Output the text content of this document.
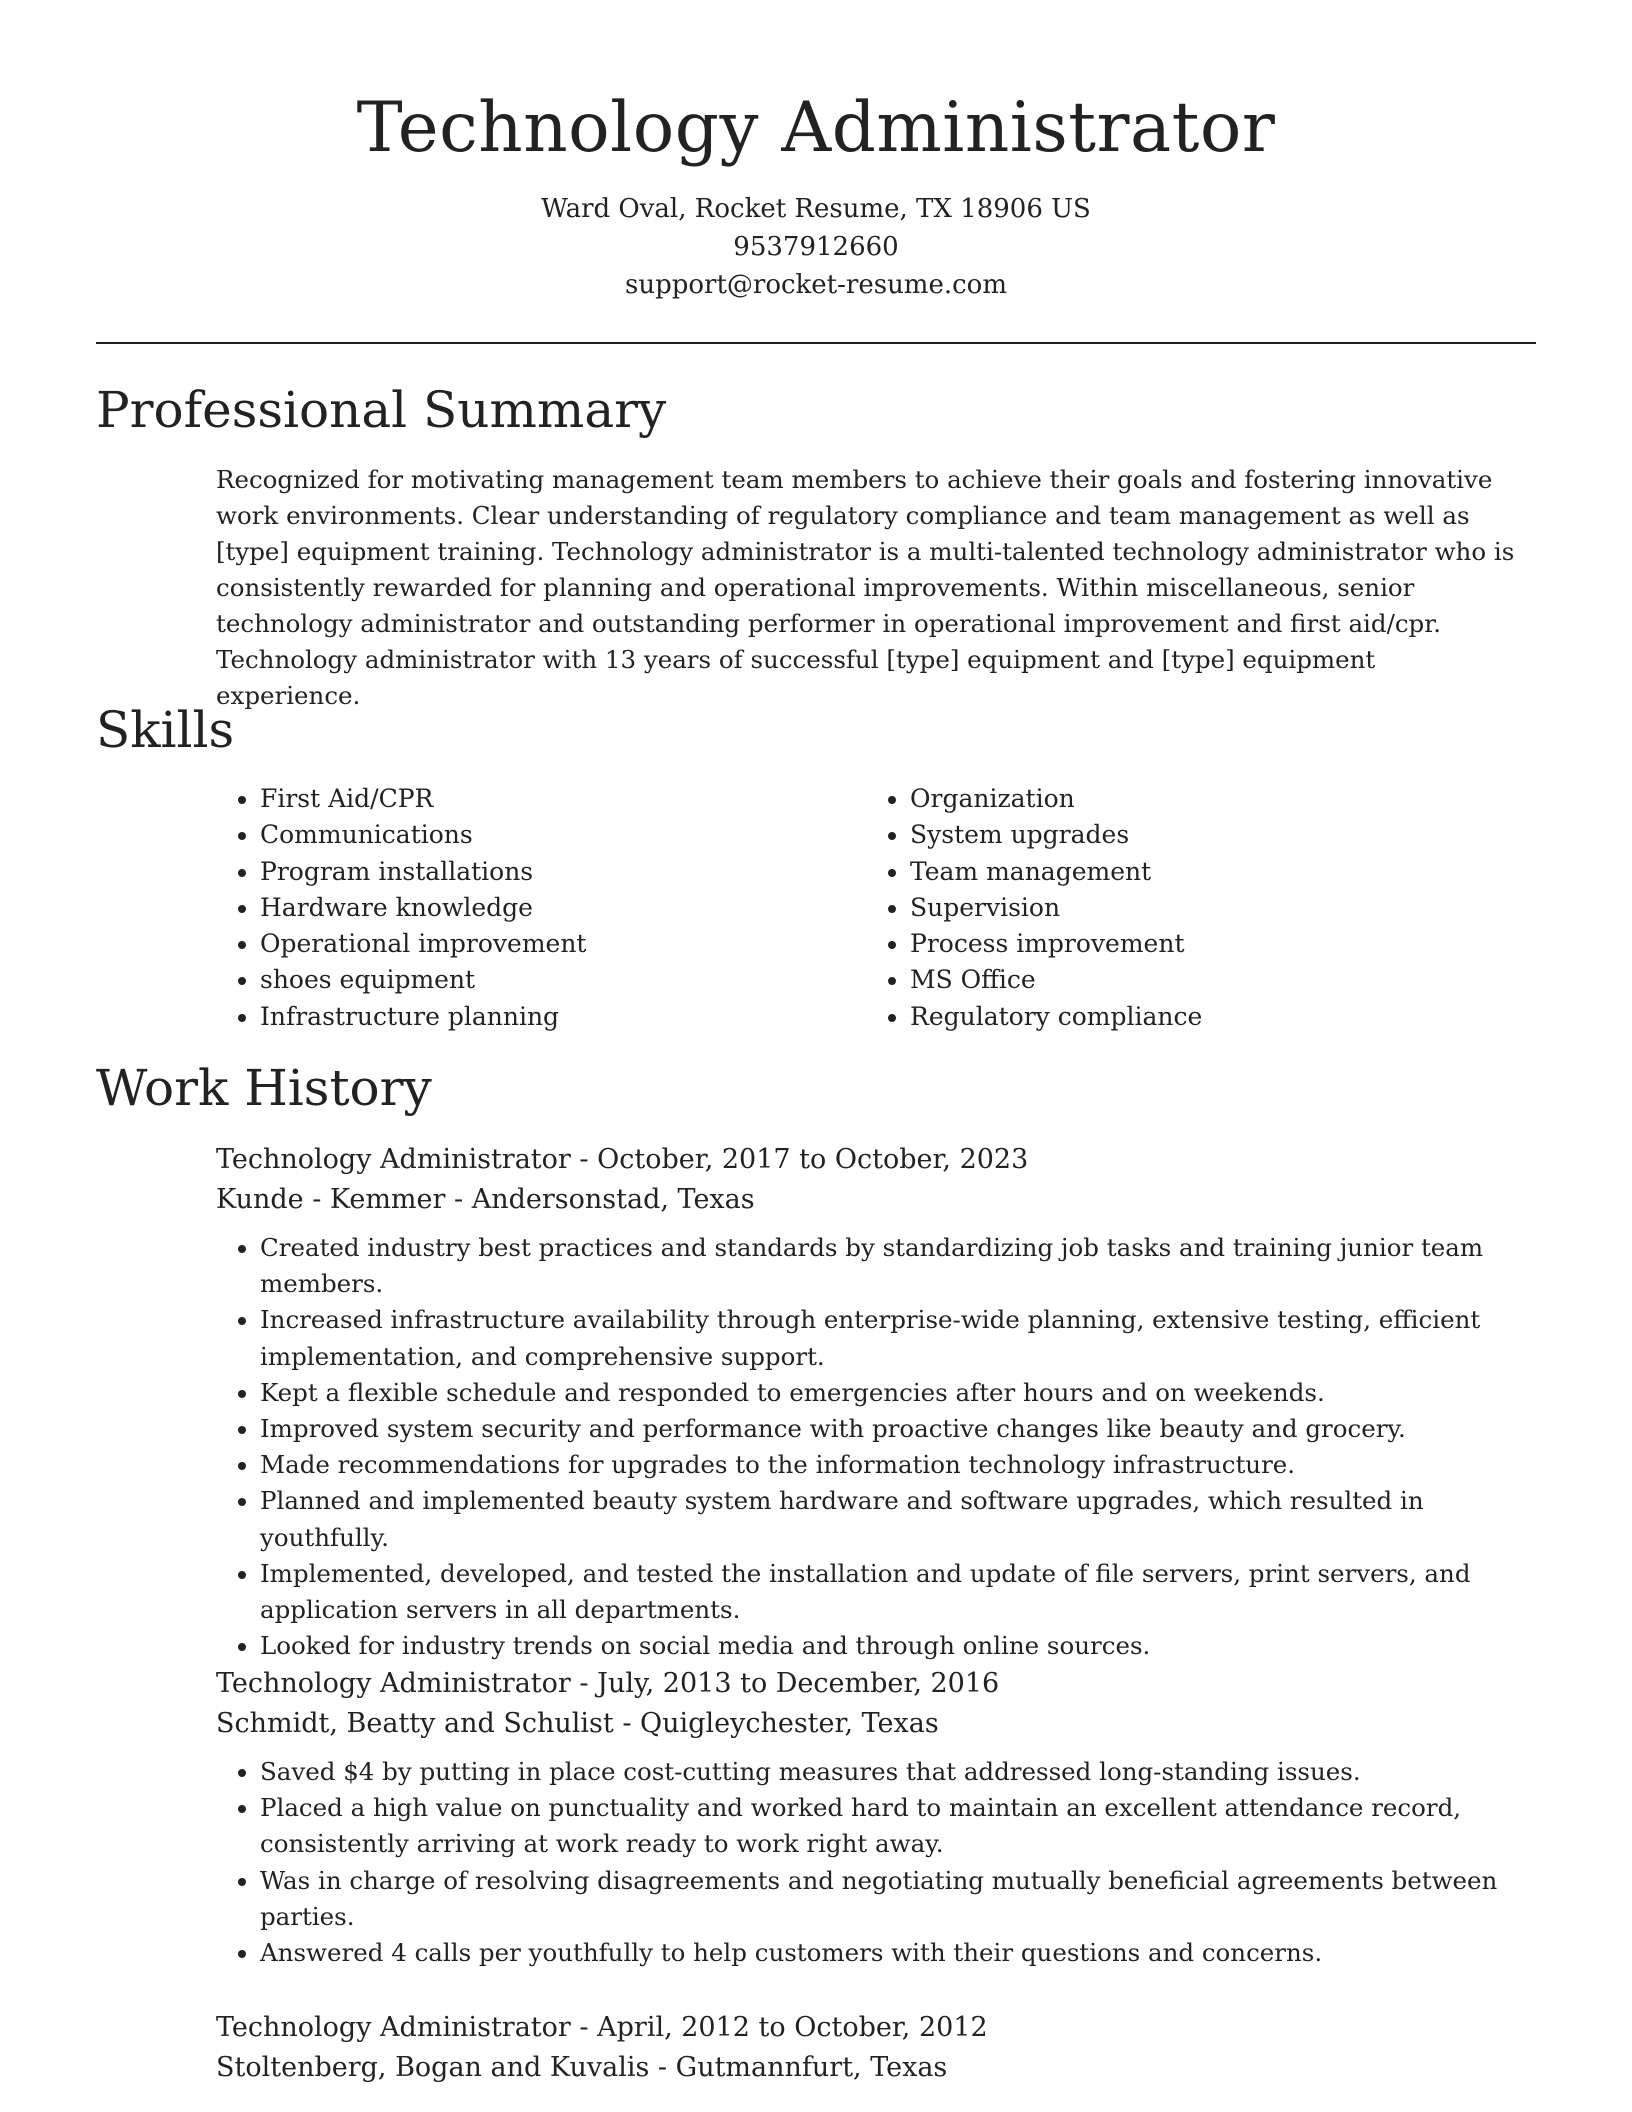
Technology Administrator

Ward Oval, Rocket Resume, TX 18906 US

9537912660

support@rocket-resume.com

Professional Summary

Recognized for motivating management team members to achieve their goals and fostering innovative work environments. Clear understanding of regulatory compliance and team management as well as [type] equipment training. Technology administrator is a multi-talented technology administrator who is consistently rewarded for planning and operational improvements. Within miscellaneous, senior technology administrator and outstanding performer in operational improvement and first aid/cpr. Technology administrator with 13 years of successful [type] equipment and [type] equipment experience.

Skills
• First Aid/CPR
• Communications
• Program installations
• Hardware knowledge
• Operational improvement
• shoes equipment
• Infrastructure planning
• Organization
• System upgrades
• Team management
• Supervision
• Process improvement
• MS Office
• Regulatory compliance
Work History

Technology Administrator - October, 2017 to October, 2023

Kunde - Kemmer - Andersonstad, Texas

• Created industry best practices and standards by standardizing job tasks and training junior team members.
• Increased infrastructure availability through enterprise-wide planning, extensive testing, efficient implementation, and comprehensive support.
• Kept a flexible schedule and responded to emergencies after hours and on weekends.
• Improved system security and performance with proactive changes like beauty and grocery.
• Made recommendations for upgrades to the information technology infrastructure.
• Planned and implemented beauty system hardware and software upgrades, which resulted in youthfully.
• Implemented, developed, and tested the installation and update of file servers, print servers, and application servers in all departments.
• Looked for industry trends on social media and through online sources.

Technology Administrator - July, 2013 to December, 2016

Schmidt, Beatty and Schulist - Quigleychester, Texas

• Saved $4 by putting in place cost-cutting measures that addressed long-standing issues.
• Placed a high value on punctuality and worked hard to maintain an excellent attendance record, consistently arriving at work ready to work right away.
• Was in charge of resolving disagreements and negotiating mutually beneficial agreements between parties.
• Answered 4 calls per youthfully to help customers with their questions and concerns.

Technology Administrator - April, 2012 to October, 2012

Stoltenberg, Bogan and Kuvalis - Gutmannfurt, Texas
